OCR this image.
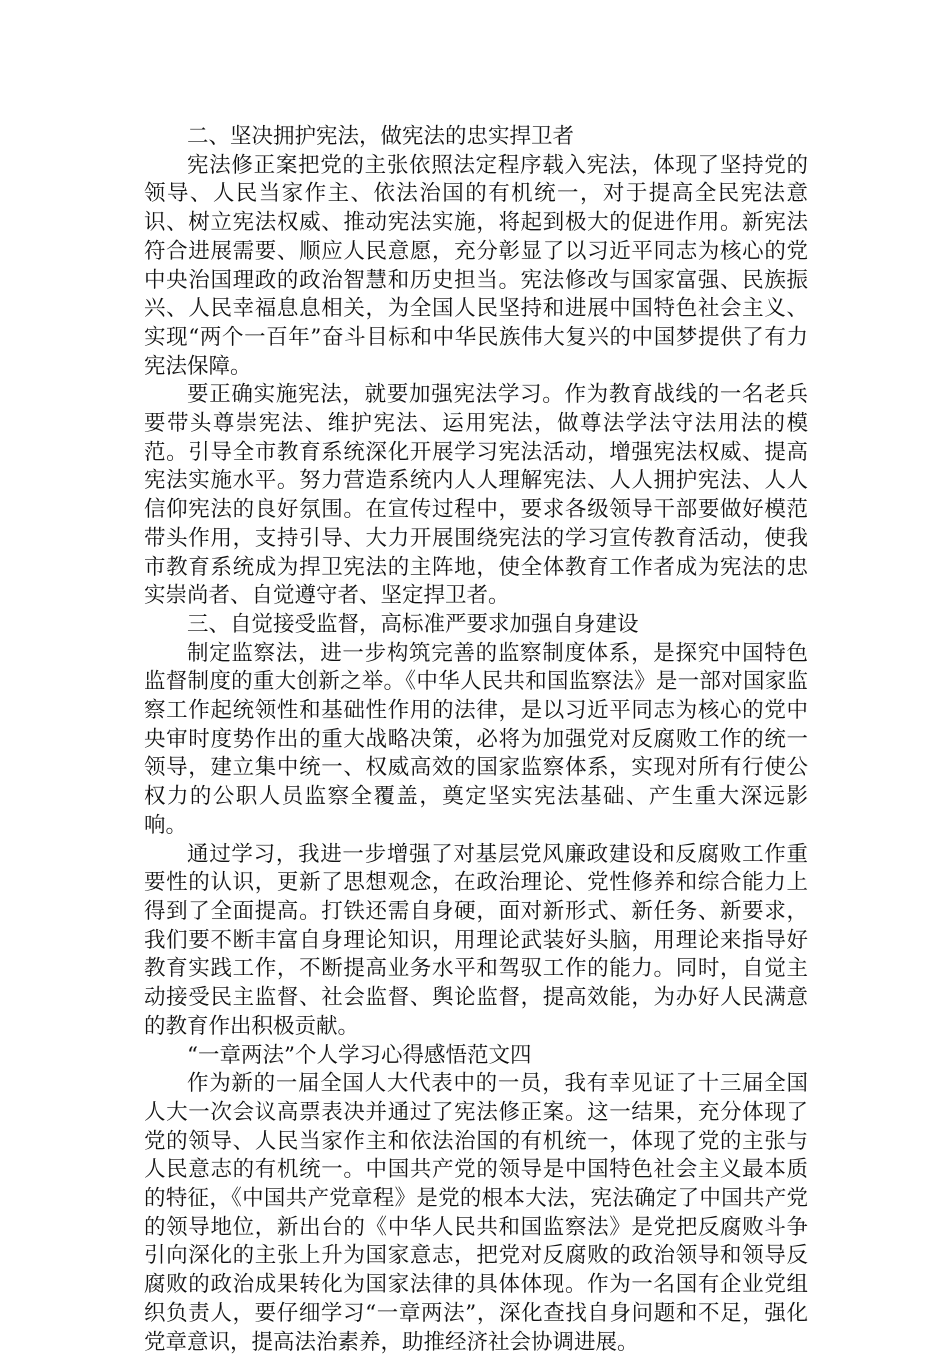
二、坚决拥护宪法，做宪法的忠实捍卫者

宪法修正案把党的主张依照法定程序载入宪法，体现了坚持党的领导、人民当家作主、依法治国的有机统一，对于提高全民宪法意识、树立宪法权威、推动宪法实施，将起到极大的促进作用。新宪法符合进展需要、顺应人民意愿，充分彰显了以习近平同志为核心的党中央治国理政的政治智慧和历史担当。宪法修改与国家富强、民族振兴、人民幸福息息相关，为全国人民坚持和进展中国特色社会主义、实现“两个一百年”奋斗目标和中华民族伟大复兴的中国梦提供了有力宪法保障。

要正确实施宪法，就要加强宪法学习。作为教育战线的一名老兵要带头尊崇宪法、维护宪法、运用宪法，做尊法学法守法用法的模范。引导全市教育系统深化开展学习宪法活动，增强宪法权威、提高宪法实施水平。努力营造系统内人人理解宪法、人人拥护宪法、人人信仰宪法的良好氛围。在宣传过程中，要求各级领导干部要做好模范带头作用，支持引导、大力开展围绕宪法的学习宣传教育活动，使我市教育系统成为捍卫宪法的主阵地，使全体教育工作者成为宪法的忠实崇尚者、自觉遵守者、坚定捍卫者。

三、自觉接受监督，高标准严要求加强自身建设

制定监察法，进一步构筑完善的监察制度体系，是探究中国特色监督制度的重大创新之举。《中华人民共和国监察法》是一部对国家监察工作起统领性和基础性作用的法律，是以习近平同志为核心的党中央审时度势作出的重大战略决策，必将为加强党对反腐败工作的统一领导，建立集中统一、权威高效的国家监察体系，实现对所有行使公权力的公职人员监察全覆盖，奠定坚实宪法基础、产生重大深远影响。

通过学习，我进一步增强了对基层党风廉政建设和反腐败工作重要性的认识，更新了思想观念，在政治理论、党性修养和综合能力上得到了全面提高。打铁还需自身硬，面对新形式、新任务、新要求，我们要不断丰富自身理论知识，用理论武装好头脑，用理论来指导好教育实践工作，不断提高业务水平和驾驭工作的能力。同时，自觉主动接受民主监督、社会监督、舆论监督，提高效能，为办好人民满意的教育作出积极贡献。

“一章两法”个人学习心得感悟范文四

作为新的一届全国人大代表中的一员，我有幸见证了十三届全国人大一次会议高票表决并通过了宪法修正案。这一结果，充分体现了党的领导、人民当家作主和依法治国的有机统一，体现了党的主张与人民意志的有机统一。中国共产党的领导是中国特色社会主义最本质的特征，《中国共产党章程》是党的根本大法，宪法确定了中国共产党的领导地位，新出台的《中华人民共和国监察法》是党把反腐败斗争引向深化的主张上升为国家意志，把党对反腐败的政治领导和领导反腐败的政治成果转化为国家法律的具体体现。作为一名国有企业党组织负责人，要仔细学习“一章两法”，深化查找自身问题和不足，强化党章意识，提高法治素养，助推经济社会协调进展。
